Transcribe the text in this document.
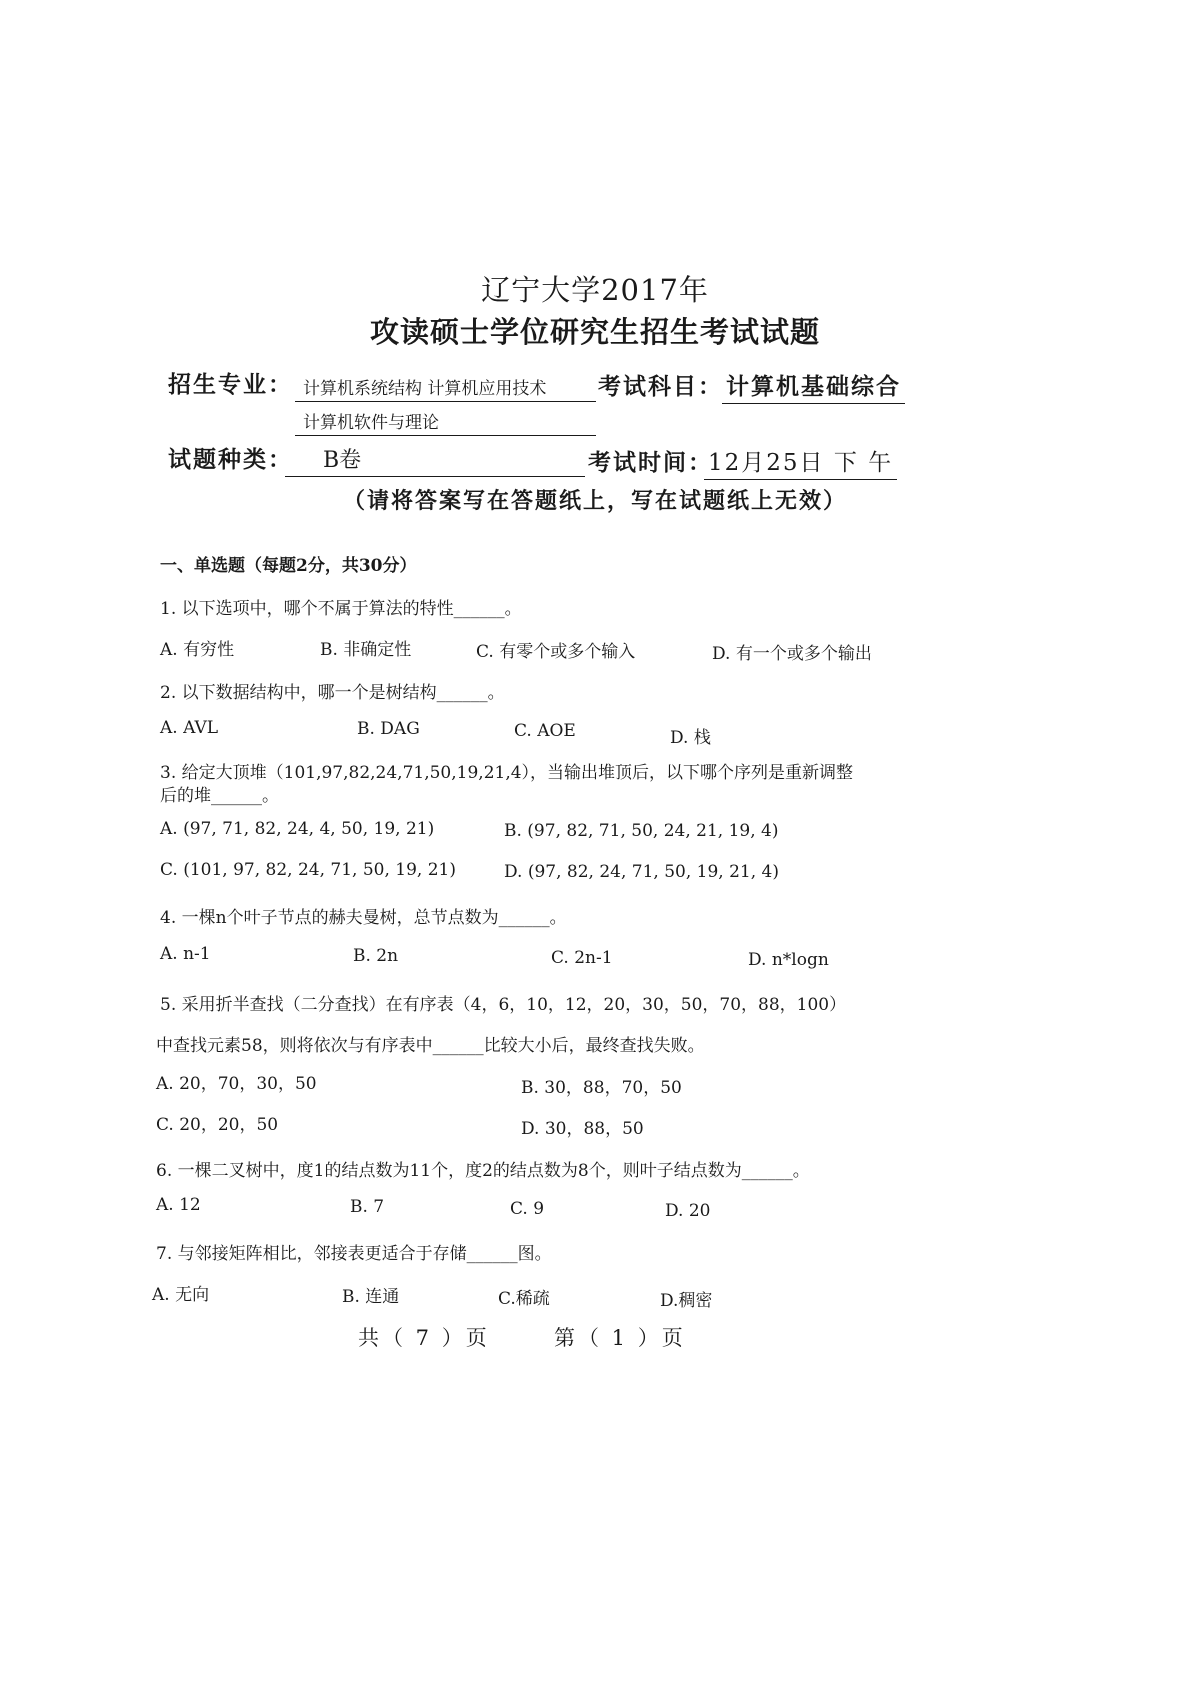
辽宁大学2017年
攻读硕士学位研究生招生考试试题
招生专业： 计算机系统结构 计算机应用技术
计算机软件与理论
考试科目： 计算机基础综合
试题种类：	B卷	考试时间：
12月25日 下 午
（请将答案写在答题纸上，写在试题纸上无效）
一、单选题（每题2分，共30分）
1. 以下选项中，哪个不属于算法的特性______。
A. 有穷性	B. 非确定性	C. 有零个或多个输入	D. 有一个或多个输出
2. 以下数据结构中，哪一个是树结构______。
A. AVL	B. DAG	C. AOE	D. 栈
3. 给定大顶堆（101,97,82,24,71,50,19,21,4），当输出堆顶后，以下哪个序列是重新调整
后的堆______。
A. (97, 71, 82, 24, 4, 50, 19, 21)	B. (97, 82, 71, 50, 24, 21, 19, 4)
C. (101, 97, 82, 24, 71, 50, 19, 21)	D. (97, 82, 24, 71, 50, 19, 21, 4)
4. 一棵n个叶子节点的赫夫曼树，总节点数为______。
A. n-1	B. 2n	C. 2n-1	D. n*logn
5. 采用折半查找（二分查找）在有序表（4，6，10，12，20，30，50，70，88，100）
中查找元素58，则将依次与有序表中______比较大小后，最终查找失败。
A. 20，70，30，50	B. 30，88，70，50
C. 20，20，50	D. 30，88，50
6. 一棵二叉树中，度1的结点数为11个，度2的结点数为8个，则叶子结点数为______。
A. 12	B. 7	C. 9	D. 20
7. 与邻接矩阵相比，邻接表更适合于存储______图。
A. 无向	B. 连通	C.稀疏	D.稠密
共（ 7 ）页	第（ 1 ）页
